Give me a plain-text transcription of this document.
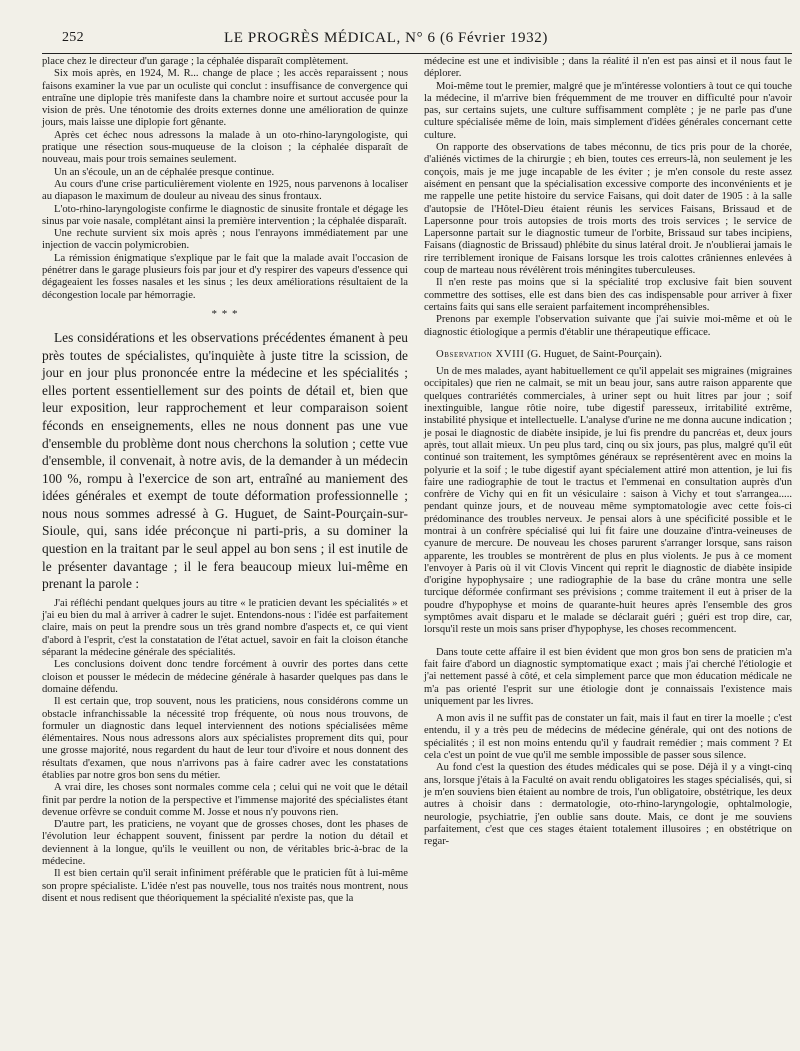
252	LE PROGRÈS MÉDICAL, N° 6 (6 Février 1932)

place chez le directeur d'un garage ; la céphalée disparaît complètement.

Six mois après, en 1924, M. R... change de place ; les accès reparaissent ; nous faisons examiner la vue par un oculiste qui conclut : insuffisance de convergence qui entraîne une diplopie très manifeste dans la chambre noire et surtout accusée pour la vision de près. Une ténotomie des droits externes donne une amélioration de quinze jours, mais laisse une diplopie fort gênante.

Après cet échec nous adressons la malade à un oto-rhino-laryngologiste, qui pratique une résection sous-muqueuse de la cloison ; la céphalée disparaît de nouveau, mais pour trois semaines seulement.

Un an s'écoule, un an de céphalée presque continue.

Au cours d'une crise particulièrement violente en 1925, nous parvenons à localiser au diapason le maximum de douleur au niveau des sinus frontaux.

L'oto-rhino-laryngologiste confirme le diagnostic de sinusite frontale et dégage les sinus par voie nasale, complétant ainsi la première intervention ; la céphalée disparaît.

Une rechute survient six mois après ; nous l'enrayons immédiatement par une injection de vaccin polymicrobien.

La rémission énigmatique s'explique par le fait que la malade avait l'occasion de pénétrer dans le garage plusieurs fois par jour et d'y respirer des vapeurs d'essence qui dégageaient les fosses nasales et les sinus ; les deux améliorations résultaient de la décongestion locale par hémorragie.

* * *

Les considérations et les observations précédentes émanent à peu près toutes de spécialistes, qu'inquiète à juste titre la scission, de jour en jour plus prononcée entre la médecine et les spécialités ; elles portent essentiellement sur des points de détail et, bien que leur exposition, leur rapprochement et leur comparaison soient féconds en enseignements, elles ne nous donnent pas une vue d'ensemble du problème dont nous cherchons la solution ; cette vue d'ensemble, il convenait, à notre avis, de la demander à un médecin 100 %, rompu à l'exercice de son art, entraîné au maniement des idées générales et exempt de toute déformation professionnelle ; nous nous sommes adressé à G. Huguet, de Saint-Pourçain-sur-Sioule, qui, sans idée préconçue ni parti-pris, a su dominer la question en la traitant par le seul appel au bon sens ; il est inutile de le présenter davantage ; il le fera beaucoup mieux lui-même en prenant la parole :

J'ai réfléchi pendant quelques jours au titre « le praticien devant les spécialités » et j'ai eu bien du mal à arriver à cadrer le sujet. Entendons-nous : l'idée est parfaitement claire, mais on peut la prendre sous un très grand nombre d'aspects et, ce qui vient d'abord à l'esprit, c'est la constatation de l'état actuel, savoir en fait la cloison étanche séparant la médecine générale des spécialités.

Les conclusions doivent donc tendre forcément à ouvrir des portes dans cette cloison et pousser le médecin de médecine générale à hasarder quelques pas dans le domaine défendu.

Il est certain que, trop souvent, nous les praticiens, nous considérons comme un obstacle infranchissable la nécessité trop fréquente, où nous nous trouvons, de formuler un diagnostic dans lequel interviennent des notions spécialisées même élémentaires. Nous nous adressons alors aux spécialistes proprement dits qui, pour une grosse majorité, nous regardent du haut de leur tour d'ivoire et nous donnent des résultats d'examen, que nous n'arrivons pas à faire cadrer avec les constatations établies par notre gros bon sens du métier.

A vrai dire, les choses sont normales comme cela ; celui qui ne voit que le détail finit par perdre la notion de la perspective et l'immense majorité des spécialistes étant devenue orfèvre se conduit comme M. Josse et nous n'y pouvons rien.

D'autre part, les praticiens, ne voyant que de grosses choses, dont les phases de l'évolution leur échappent souvent, finissent par perdre la notion du détail et deviennent à la longue, qu'ils le veuillent ou non, de véritables bric-à-brac de la médecine.

Il est bien certain qu'il serait infiniment préférable que le praticien fût à lui-même son propre spécialiste. L'idée n'est pas nouvelle, tous nos traités nous montrent, nous disent et nous redisent que théoriquement la spécialité n'existe pas, que la

médecine est une et indivisible ; dans la réalité il n'en est pas ainsi et il nous faut le déplorer.

Moi-même tout le premier, malgré que je m'intéresse volontiers à tout ce qui touche la médecine, il m'arrive bien fréquemment de me trouver en difficulté pour n'avoir pas, sur certains sujets, une culture suffisamment complète ; je ne parle pas d'une culture spécialisée même de loin, mais simplement d'idées générales concernant cette culture.

On rapporte des observations de tabes méconnu, de tics pris pour de la chorée, d'aliénés victimes de la chirurgie ; eh bien, toutes ces erreurs-là, non seulement je les conçois, mais je me juge incapable de les éviter ; je m'en console du reste assez aisément en pensant que la spécialisation excessive comporte des inconvénients et je me rappelle une petite histoire du service Faisans, qui doit dater de 1905 : à la salle d'autopsie de l'Hôtel-Dieu étaient réunis les services Faisans, Brissaud et de Lapersonne pour trois autopsies de trois morts des trois services ; le service de Lapersonne partait sur le diagnostic tumeur de l'orbite, Brissaud sur tabes incipiens, Faisans (diagnostic de Brissaud) phlébite du sinus latéral droit. Je n'oublierai jamais le rire terriblement ironique de Faisans lorsque les trois calottes crâniennes enlevées à coup de marteau nous révélèrent trois méningites tuberculeuses.

Il n'en reste pas moins que si la spécialité trop exclusive fait bien souvent commettre des sottises, elle est dans bien des cas indispensable pour arriver à fixer certains faits qui sans elle seraient parfaitement incompréhensibles.

Prenons par exemple l'observation suivante que j'ai suivie moi-même et où le diagnostic étiologique a permis d'établir une thérapeutique efficace.

Observation XVIII (G. Huguet, de Saint-Pourçain).

Un de mes malades, ayant habituellement ce qu'il appelait ses migraines (migraines occipitales) que rien ne calmait, se mit un beau jour, sans autre raison apparente que quelques contrariétés commerciales, à uriner sept ou huit litres par jour ; soif inextinguible, langue rôtie noire, tube digestif paresseux, irritabilité extrême, instabilité physique et intellectuelle. L'analyse d'urine ne me donna aucune indication ; je posai le diagnostic de diabète insipide, je lui fis prendre du pancréas et, deux jours après, tout allait mieux. Un peu plus tard, cinq ou six jours, pas plus, malgré qu'il eût continué son traitement, les symptômes généraux se représentèrent avec en moins la polyurie et la soif ; le tube digestif ayant spécialement attiré mon attention, je lui fis faire une radiographie de tout le tractus et l'emmenai en consultation auprès d'un confrère de Vichy qui en fit un vésiculaire : saison à Vichy et tout s'arrangea..... pendant quinze jours, et de nouveau même symptomatologie avec cette fois-ci prédominance des troubles nerveux. Je pensai alors à une spécificité possible et le montrai à un confrère spécialisé qui lui fit faire une douzaine d'intra-veineuses de cyanure de mercure. De nouveau les choses parurent s'arranger lorsque, sans raison apparente, les troubles se montrèrent de plus en plus violents. Je pus à ce moment l'envoyer à Paris où il vit Clovis Vincent qui reprit le diagnostic de diabète insipide d'origine hypophysaire ; une radiographie de la base du crâne montra une selle turcique déformée confirmant ses prévisions ; comme traitement il eut à priser de la poudre d'hypophyse et moins de quarante-huit heures après l'ensemble des gros symptômes avait disparu et le malade se déclarait guéri ; guéri est trop dire, car, lorsqu'il reste un mois sans priser d'hypophyse, les choses recommencent.

Dans toute cette affaire il est bien évident que mon gros bon sens de praticien m'a fait faire d'abord un diagnostic symptomatique exact ; mais j'ai cherché l'étiologie et j'ai nettement passé à côté, et cela simplement parce que mon éducation médicale ne m'a pas orienté l'esprit sur une étiologie dont je connaissais l'existence mais uniquement par les livres.

A mon avis il ne suffit pas de constater un fait, mais il faut en tirer la moelle ; c'est entendu, il y a très peu de médecins de médecine générale, qui ont des notions de spécialités ; il est non moins entendu qu'il y faudrait remédier ; mais comment ? Et cela c'est un point de vue qu'il me semble impossible de passer sous silence.

Au fond c'est la question des études médicales qui se pose. Déjà il y a vingt-cinq ans, lorsque j'étais à la Faculté on avait rendu obligatoires les stages spécialisés, qui, si je m'en souviens bien étaient au nombre de trois, l'un obligatoire, obstétrique, les deux autres à choisir dans : dermatologie, oto-rhino-laryngologie, ophtalmologie, neurologie, psychiatrie, j'en oublie sans doute. Mais, ce dont je me souviens parfaitement, c'est que ces stages étaient totalement illusoires ; en obstétrique on regar-
